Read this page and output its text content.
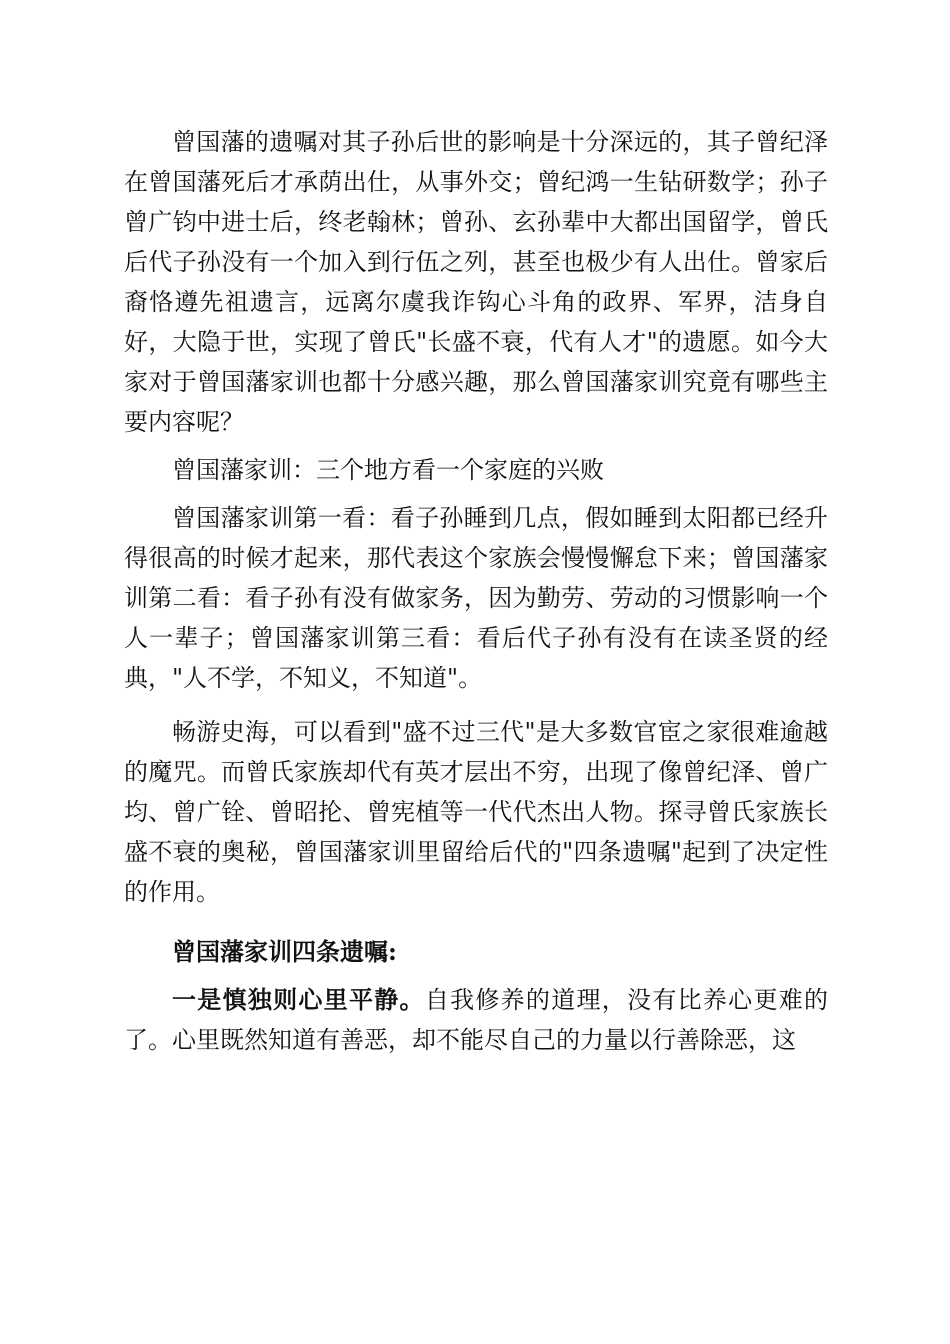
曾国藩的遗嘱对其子孙后世的影响是十分深远的，其子曾纪泽在曾国藩死后才承荫出仕，从事外交；曾纪鸿一生钻研数学；孙子曾广钧中进士后，终老翰林；曾孙、玄孙辈中大都出国留学，曾氏后代子孙没有一个加入到行伍之列，甚至也极少有人出仕。曾家后裔恪遵先祖遗言，远离尔虞我诈钩心斗角的政界、军界，洁身自好，大隐于世，实现了曾氏"长盛不衰，代有人才"的遗愿。如今大家对于曾国藩家训也都十分感兴趣，那么曾国藩家训究竟有哪些主要内容呢？

曾国藩家训：三个地方看一个家庭的兴败

曾国藩家训第一看：看子孙睡到几点，假如睡到太阳都已经升得很高的时候才起来，那代表这个家族会慢慢懈怠下来；曾国藩家训第二看：看子孙有没有做家务，因为勤劳、劳动的习惯影响一个人一辈子；曾国藩家训第三看：看后代子孙有没有在读圣贤的经典，"人不学，不知义，不知道"。

畅游史海，可以看到"盛不过三代"是大多数官宦之家很难逾越的魔咒。而曾氏家族却代有英才层出不穷，出现了像曾纪泽、曾广均、曾广铨、曾昭抡、曾宪植等一代代杰出人物。探寻曾氏家族长盛不衰的奥秘，曾国藩家训里留给后代的"四条遗嘱"起到了决定性的作用。

曾国藩家训四条遗嘱:

一是慎独则心里平静。自我修养的道理，没有比养心更难的了。心里既然知道有善恶，却不能尽自己的力量以行善除恶，这
